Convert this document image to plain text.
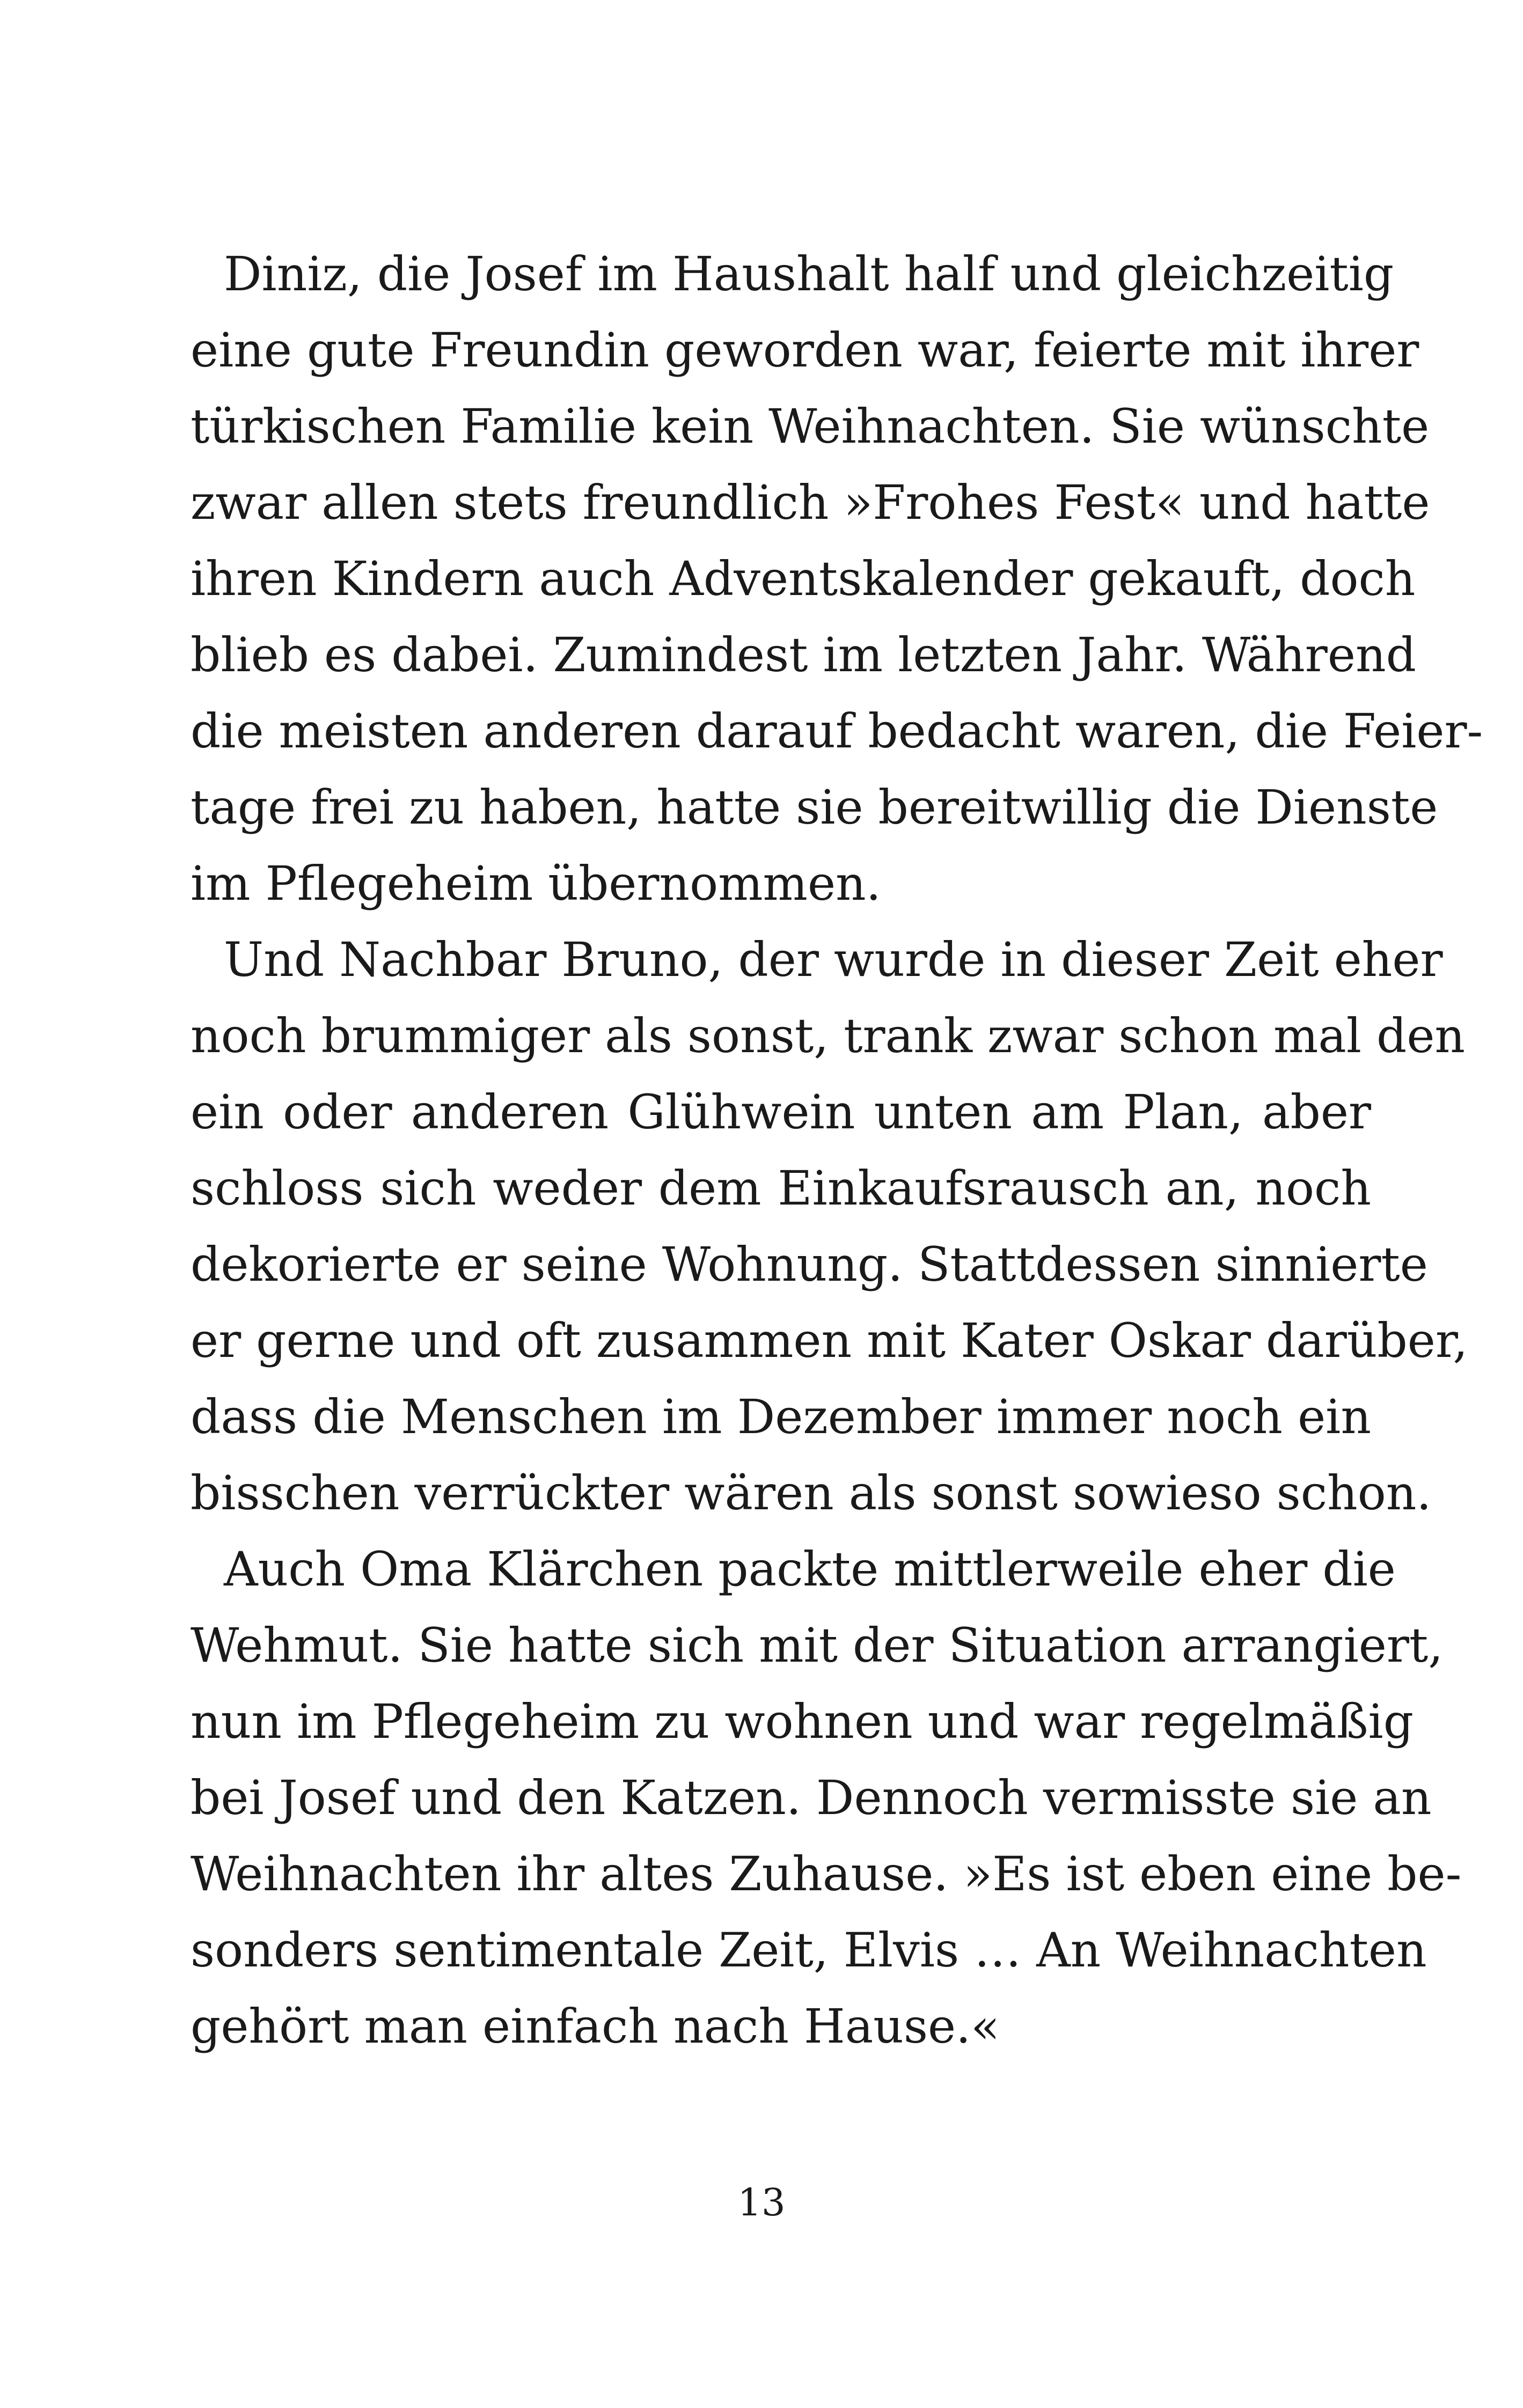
Diniz, die Josef im Haushalt half und gleichzeitig
eine gute Freundin geworden war, feierte mit ihrer
türkischen Familie kein Weihnachten. Sie wünschte
zwar allen stets freundlich »Frohes Fest« und hatte
ihren Kindern auch Adventskalender gekauft, doch
blieb es dabei. Zumindest im letzten Jahr. Während
die meisten anderen darauf bedacht waren, die Feier-
tage frei zu haben, hatte sie bereitwillig die Dienste
im Pflegeheim übernommen.

Und Nachbar Bruno, der wurde in dieser Zeit eher
noch brummiger als sonst, trank zwar schon mal den
ein oder anderen Glühwein unten am Plan, aber
schloss sich weder dem Einkaufsrausch an, noch
dekorierte er seine Wohnung. Stattdessen sinnierte
er gerne und oft zusammen mit Kater Oskar darüber,
dass die Menschen im Dezember immer noch ein
bisschen verrückter wären als sonst sowieso schon.

Auch Oma Klärchen packte mittlerweile eher die
Wehmut. Sie hatte sich mit der Situation arrangiert,
nun im Pflegeheim zu wohnen und war regelmäßig
bei Josef und den Katzen. Dennoch vermisste sie an
Weihnachten ihr altes Zuhause. »Es ist eben eine be-
sonders sentimentale Zeit, Elvis … An Weihnachten
gehört man einfach nach Hause.«

13
